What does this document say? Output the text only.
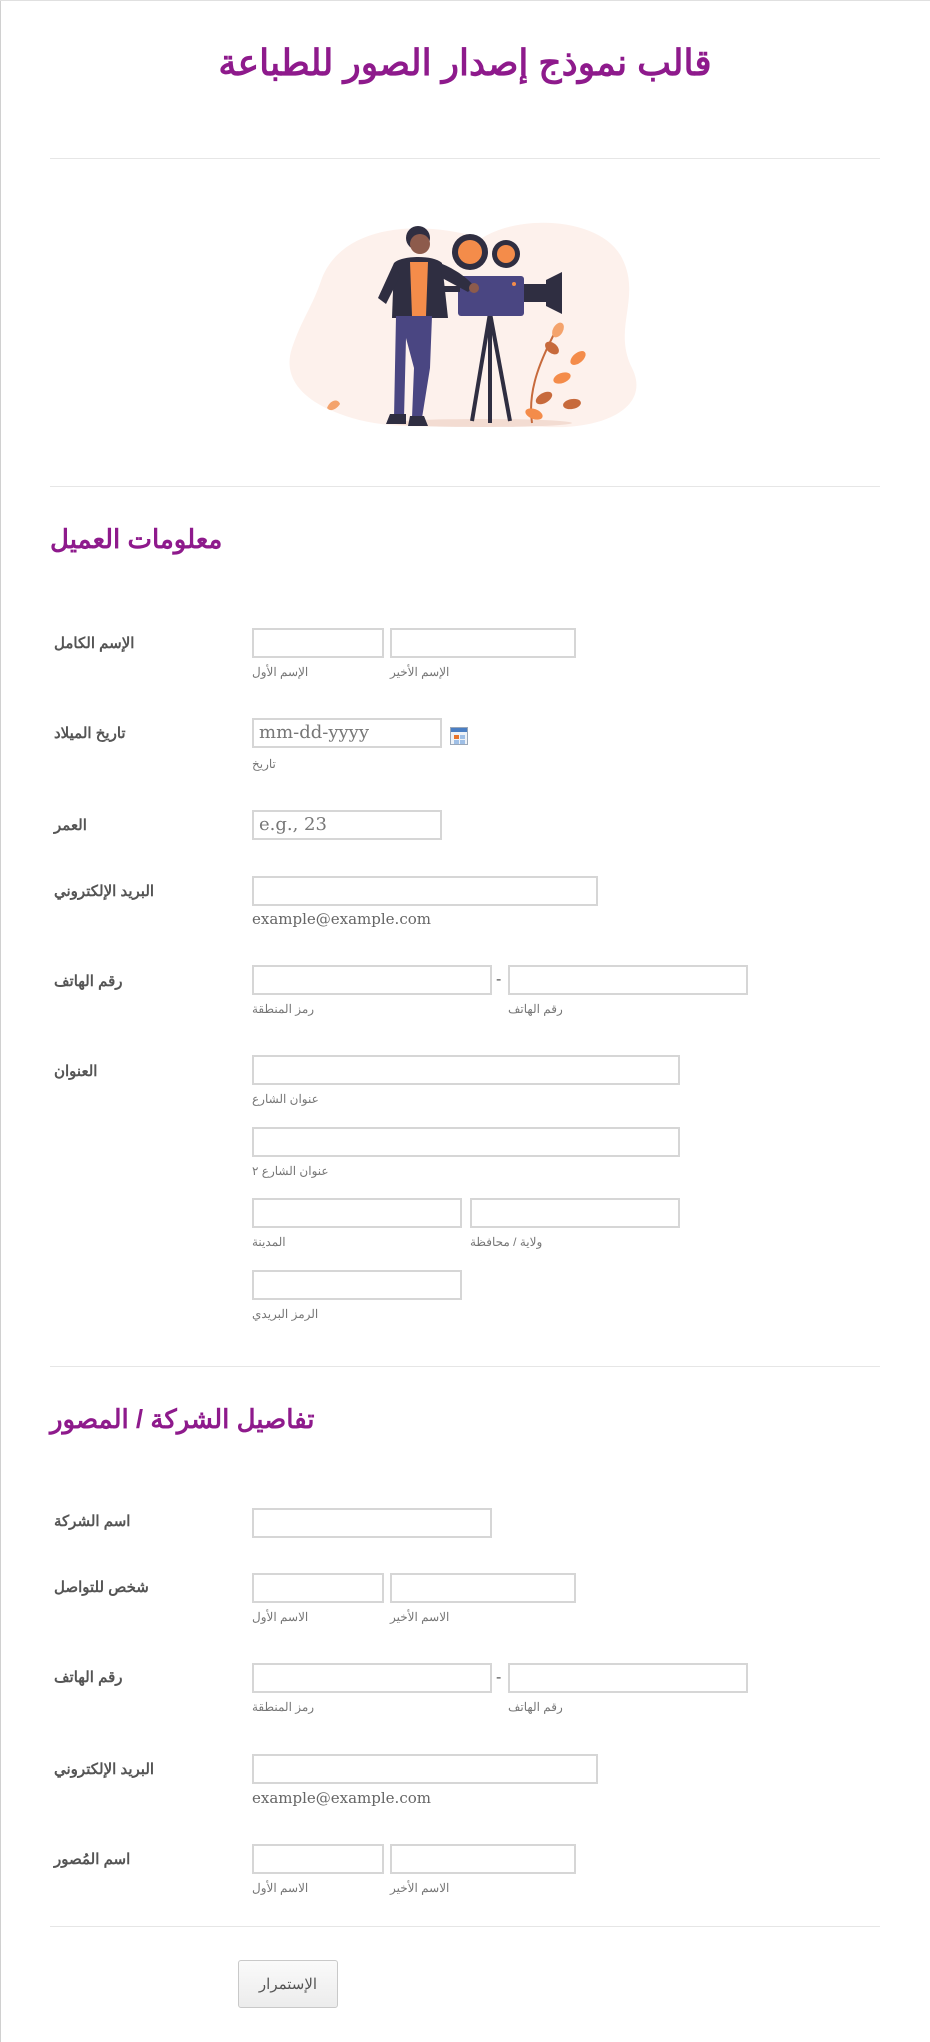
قالب نموذج إصدار الصور للطباعة
معلومات العميل
الإسم الكامل
الإسم الأول	الإسم الأخير
تاريخ الميلاد	mm-dd-yyyy
تاريخ
العمر	e.g., 23
البريد الإلكتروني
example@example.com
رقم الهاتف	-
رمز المنطقة	رقم الهاتف
العنوان
عنوان الشارع
عنوان الشارع ٢
المدينة	ولاية / محافظة
الرمز البريدي
تفاصيل الشركة / المصور
اسم الشركة
شخص للتواصل
الاسم الأول	الاسم الأخير
رقم الهاتف	-
رمز المنطقة	رقم الهاتف
البريد الإلكتروني
example@example.com
اسم المُصور
الاسم الأول	الاسم الأخير
الإستمرار
